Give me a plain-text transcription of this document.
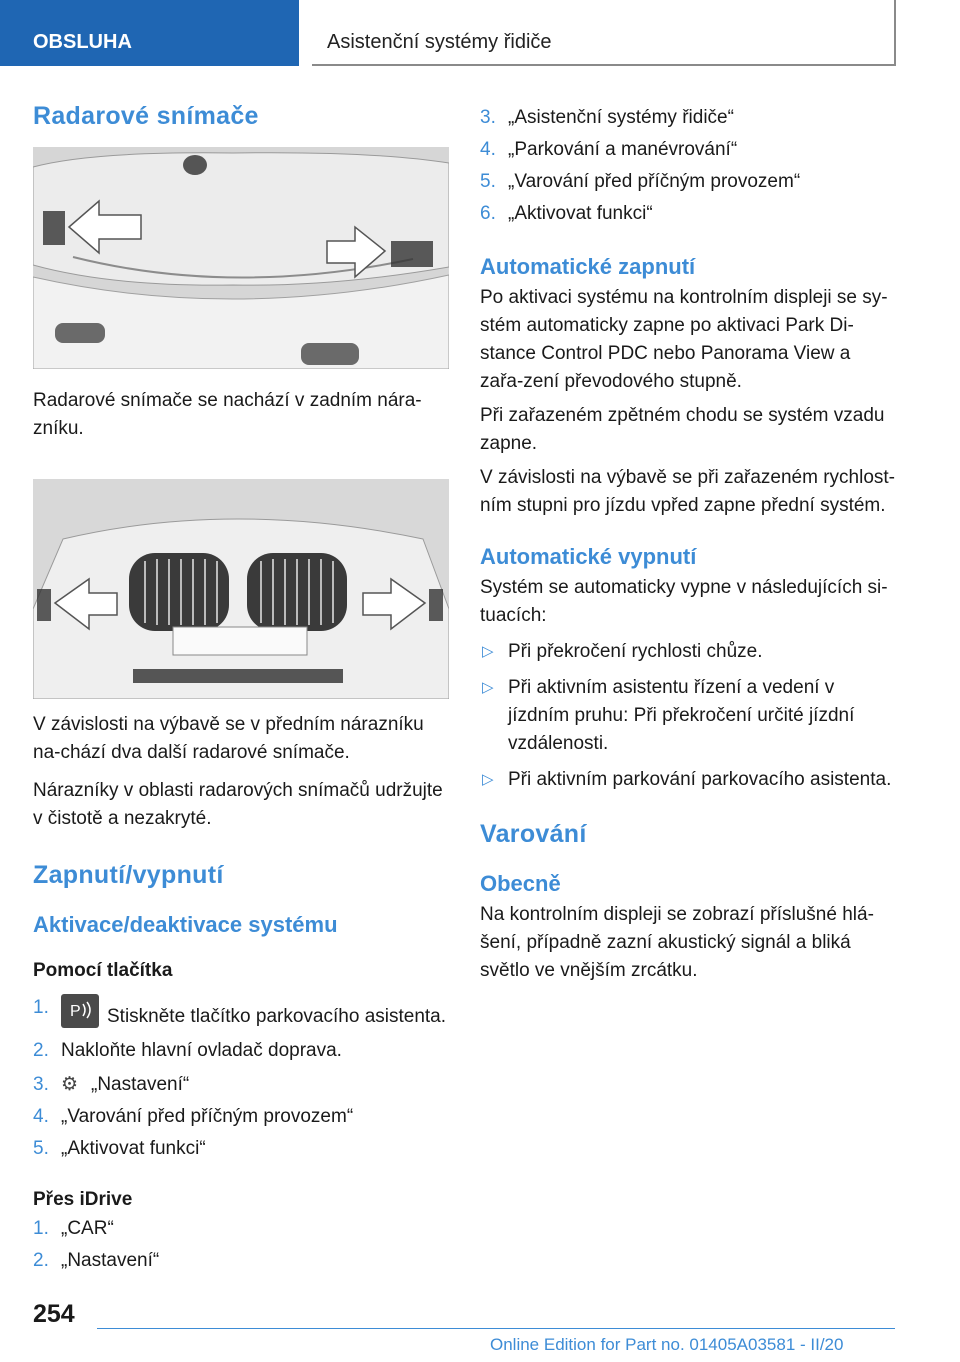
OBSLUHA	Asistenční systémy řidiče
Radarové snímače

Radarové snímače se nachází v zadním nára-zníku.

V závislosti na výbavě se v předním nárazníku na-chází dva další radarové snímače.

Nárazníky v oblasti radarových snímačů udržujte v čistotě a nezakryté.

Zapnutí/vypnutí
Aktivace/deaktivace systému
Pomocí tlačítka
1. P Stiskněte tlačítko parkovacího asistenta.
2. Nakloňte hlavní ovladač doprava.
3. ⚙ „Nastavení“
4. „Varování před příčným provozem“
5. „Aktivovat funkci“
Přes iDrive
1. „CAR“
2. „Nastavení“
3. „Asistenční systémy řidiče“
4. „Parkování a manévrování“
5. „Varování před příčným provozem“
6. „Aktivovat funkci“
Automatické zapnutí

Po aktivaci systému na kontrolním displeji se sy-stém automaticky zapne po aktivaci Park Di-stance Control PDC nebo Panorama View a zařa-zení převodového stupně.

Při zařazeném zpětném chodu se systém vzadu zapne.

V závislosti na výbavě se při zařazeném rychlost-ním stupni pro jízdu vpřed zapne přední systém.

Automatické vypnutí

Systém se automaticky vypne v následujících si-tuacích:

▷ Při překročení rychlosti chůze.
▷ Při aktivním asistentu řízení a vedení v jízdním pruhu: Při překročení určité jízdní vzdálenosti.
▷ Při aktivním parkování parkovacího asistenta.
Varování
Obecně

Na kontrolním displeji se zobrazí příslušné hlá-šení, případně zazní akustický signál a bliká světlo ve vnějším zrcátku.

254
Online Edition for Part no. 01405A03581 - II/20
